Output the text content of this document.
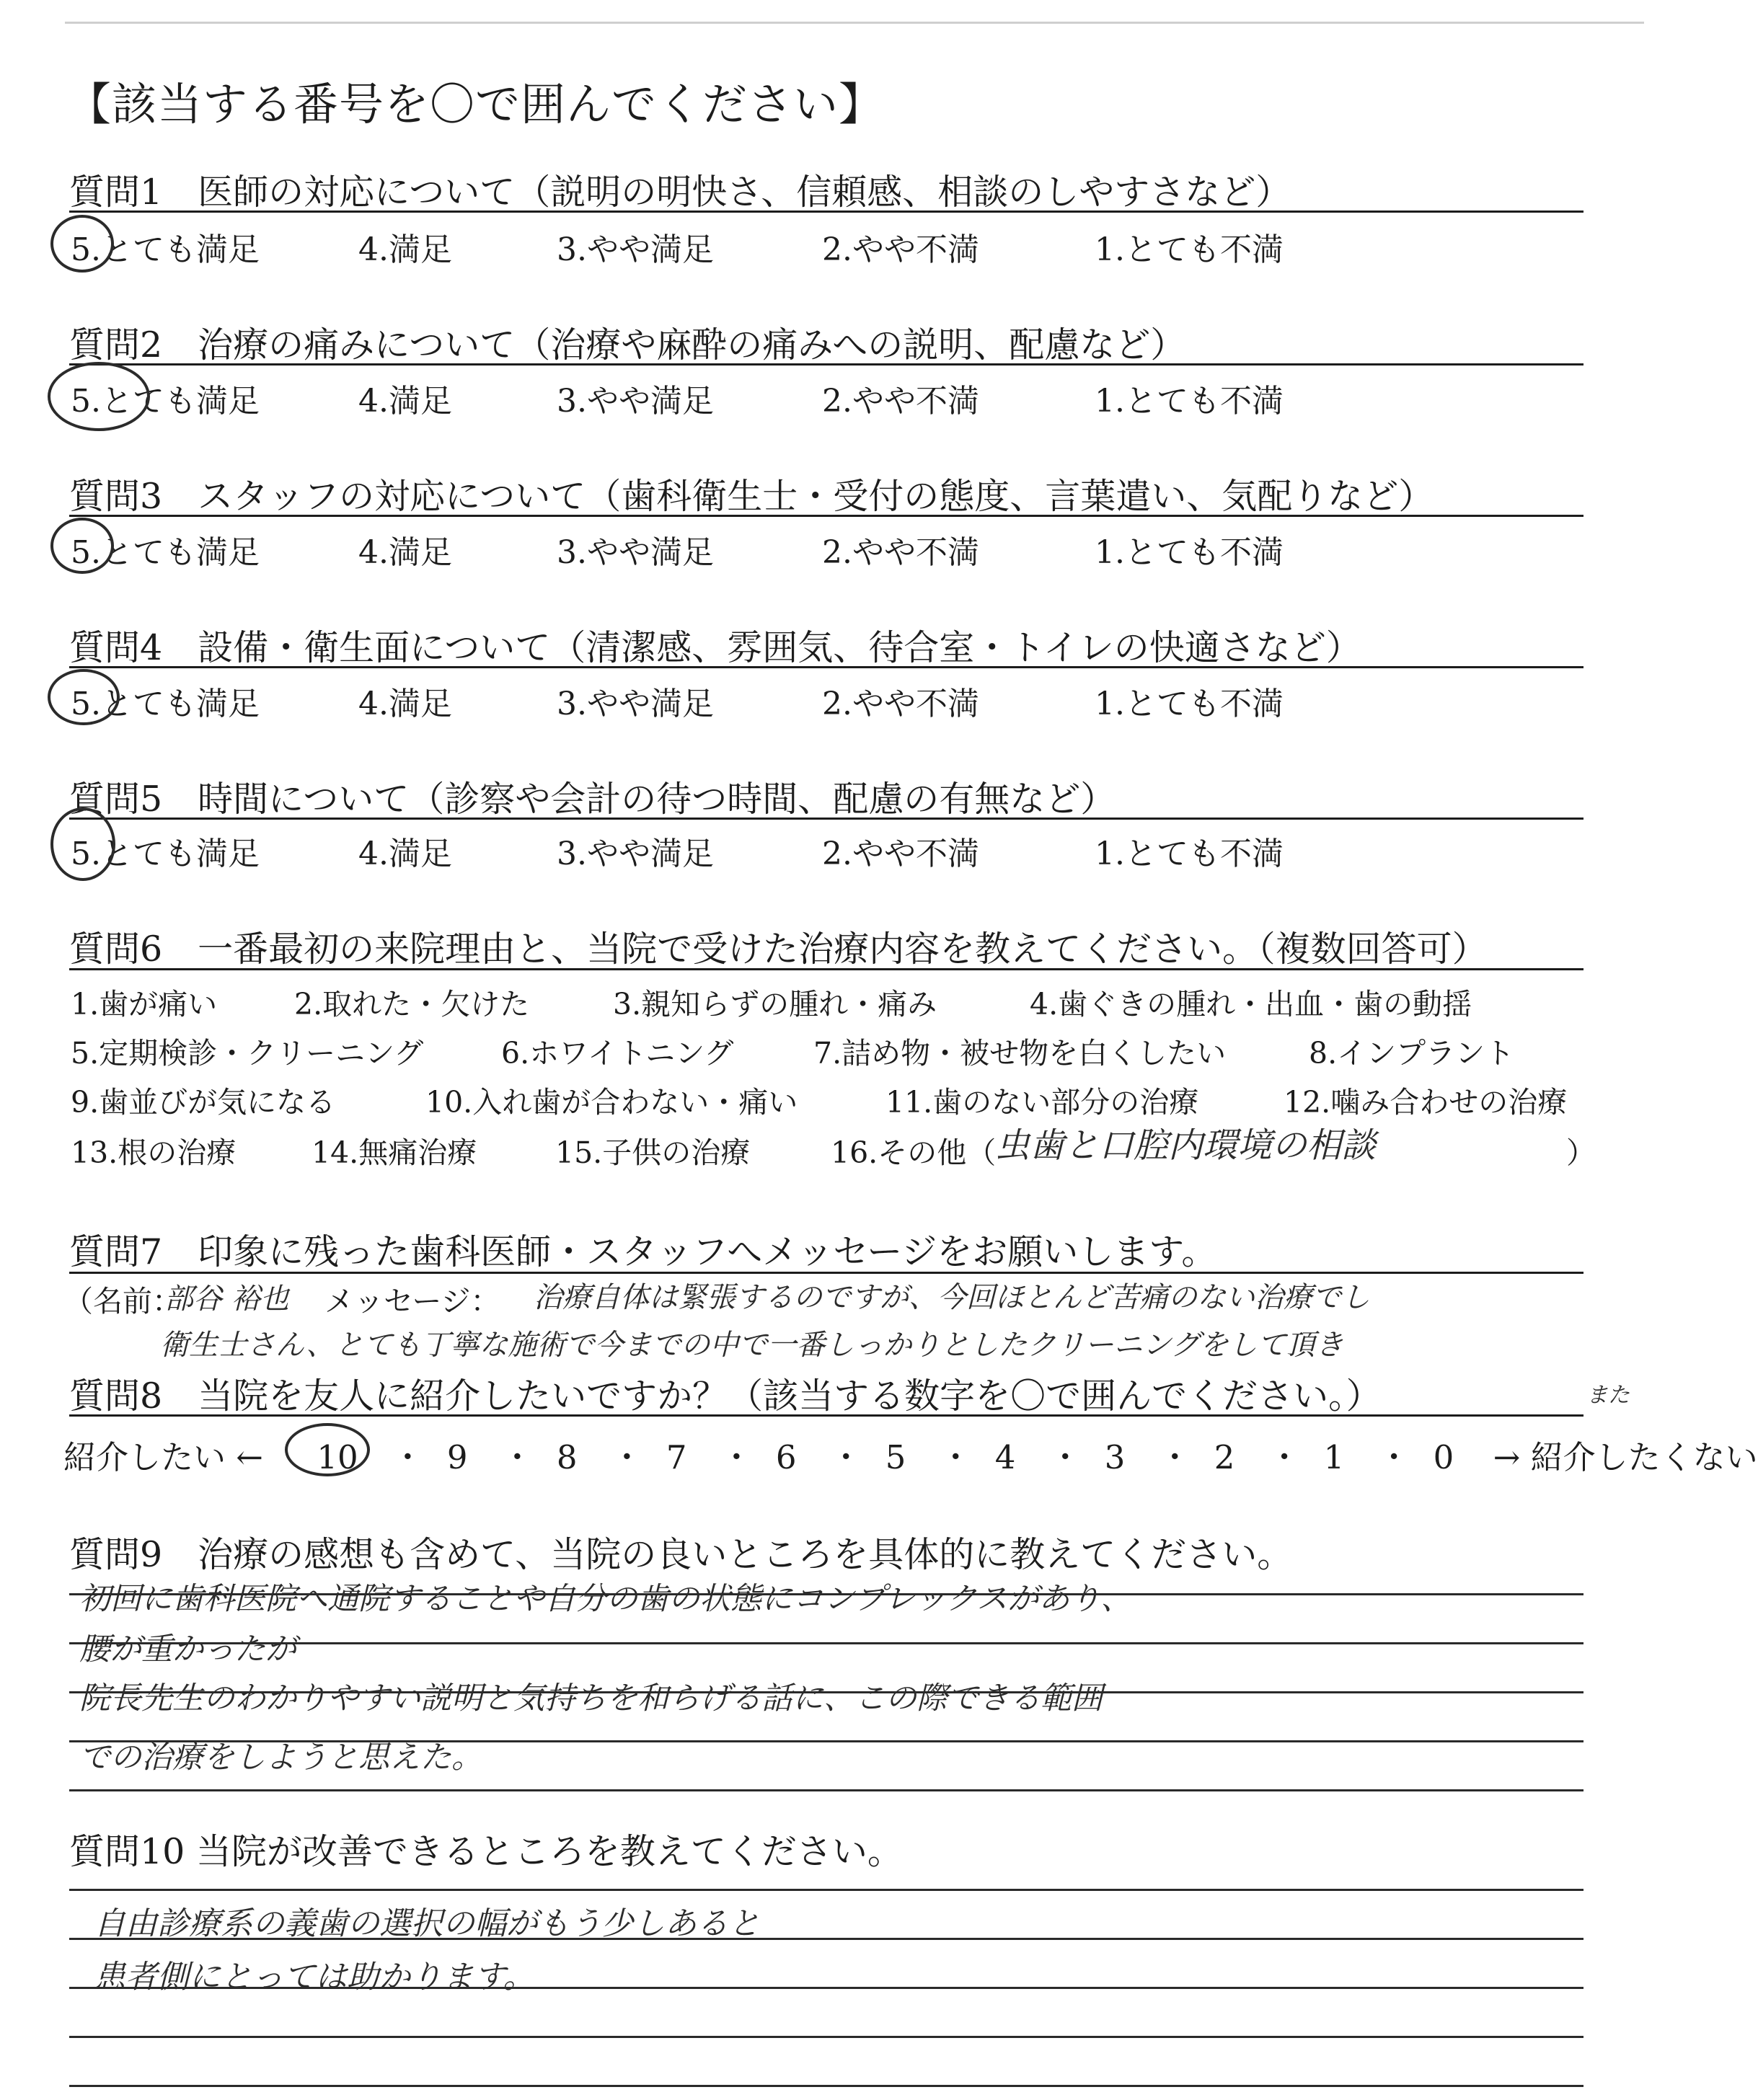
【該当する番号を〇で囲んでください】
質問1　医師の対応について（説明の明快さ、信頼感、相談のしやすさなど）
5.とても満足	4.満足	3.やや満足	2.やや不満	1.とても不満
質問2　治療の痛みについて（治療や麻酔の痛みへの説明、配慮など）
5.とても満足	4.満足	3.やや満足	2.やや不満	1.とても不満
質問3　スタッフの対応について（歯科衛生士・受付の態度、言葉遣い、気配りなど）
5.とても満足	4.満足	3.やや満足	2.やや不満	1.とても不満
質問4　設備・衛生面について（清潔感、雰囲気、待合室・トイレの快適さなど）
5.とても満足	4.満足	3.やや満足	2.やや不満	1.とても不満
質問5　時間について（診察や会計の待つ時間、配慮の有無など）
5.とても満足	4.満足	3.やや満足	2.やや不満	1.とても不満
質問6　一番最初の来院理由と、当院で受けた治療内容を教えてください。（複数回答可）
1.歯が痛い	2.取れた・欠けた	3.親知らずの腫れ・痛み	4.歯ぐきの腫れ・出血・歯の動揺
5.定期検診・クリーニング	6.ホワイトニング	7.詰め物・被せ物を白くしたい	8.インプラント
9.歯並びが気になる	10.入れ歯が合わない・痛い	11.歯のない部分の治療	12.噛み合わせの治療
13.根の治療	14.無痛治療	15.子供の治療	16.その他（
虫歯と口腔内環境の相談	）
質問7　印象に残った歯科医師・スタッフへメッセージをお願いします。
（名前：
部谷 裕也 メッセージ： 治療自体は緊張するのですが、今回ほとんど苦痛のない治療でし
衛生士さん、とても丁寧な施術で今までの中で一番しっかりとしたクリーニングをして頂き
また
質問8　当院を友人に紹介したいですか？（該当する数字を〇で囲んでください。）
紹介したい ← 10 ・ 9 ・ 8 ・ 7 ・ 6 ・ 5 ・ 4 ・ 3 ・ 2 ・ 1 ・ 0 → 紹介したくない
質問9　治療の感想も含めて、当院の良いところを具体的に教えてください。
初回に歯科医院へ通院することや自分の歯の状態にコンプレックスがあり、
腰が重かったが
院長先生のわかりやすい説明と気持ちを和らげる話に、この際できる範囲
での治療をしようと思えた。
質問10 当院が改善できるところを教えてください。
自由診療系の義歯の選択の幅がもう少しあると
患者側にとっては助かります。
